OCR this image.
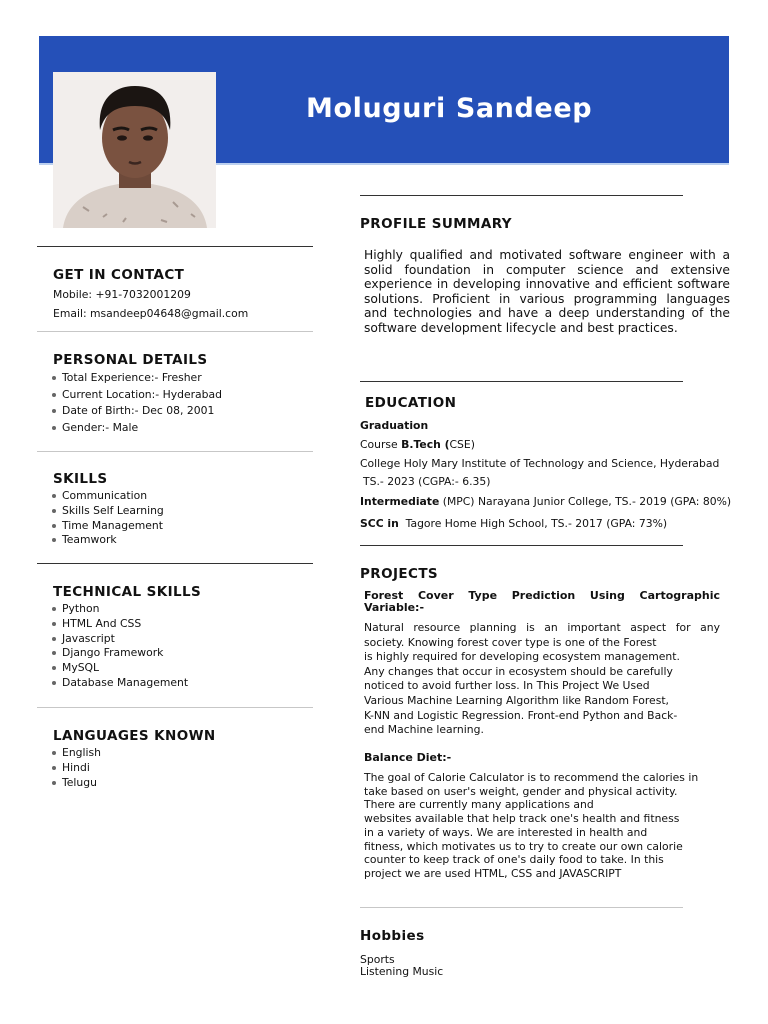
Moluguri Sandeep
GET IN CONTACT
Mobile: +91-7032001209
Email: msandeep04648@gmail.com
PERSONAL DETAILS
Total Experience:- Fresher
Current Location:- Hyderabad
Date of Birth:- Dec 08, 2001
Gender:- Male
SKILLS
Communication
Skills Self Learning
Time Management
Teamwork
TECHNICAL SKILLS
Python
HTML And CSS
Javascript
Django Framework
MySQL
Database Management
LANGUAGES KNOWN
English
Hindi
Telugu
PROFILE SUMMARY
Highly qualified and motivated software engineer with a solid foundation in computer science and extensive experience in developing innovative and efficient software solutions. Proficient in various programming languages and technologies and have a deep understanding of the software development lifecycle and best practices.
EDUCATION
Graduation
Course B.Tech (CSE)
College Holy Mary Institute of Technology and Science, Hyderabad
TS.- 2023 (CGPA:- 6.35)
Intermediate (MPC) Narayana Junior College, TS.- 2019 (GPA: 80%)
SCC in  Tagore Home High School, TS.- 2017 (GPA: 73%)
PROJECTS
Forest Cover Type Prediction Using Cartographic Variable:-
Natural resource planning is an important aspect for any
society. Knowing forest cover type is one of the Forest
is highly required for developing ecosystem management.
Any changes that occur in ecosystem should be carefully
noticed to avoid further loss. In This Project We Used
Various Machine Learning Algorithm like Random Forest,
K-NN and Logistic Regression. Front-end Python and Back-
end Machine learning.
Balance Diet:-
The goal of Calorie Calculator is to recommend the calories in
take based on user's weight, gender and physical activity.
There are currently many applications and
websites available that help track one's health and fitness
in a variety of ways. We are interested in health and
fitness, which motivates us to try to create our own calorie
counter to keep track of one's daily food to take. In this
project we are used HTML, CSS and JAVASCRIPT
Hobbies
Sports
Listening Music
